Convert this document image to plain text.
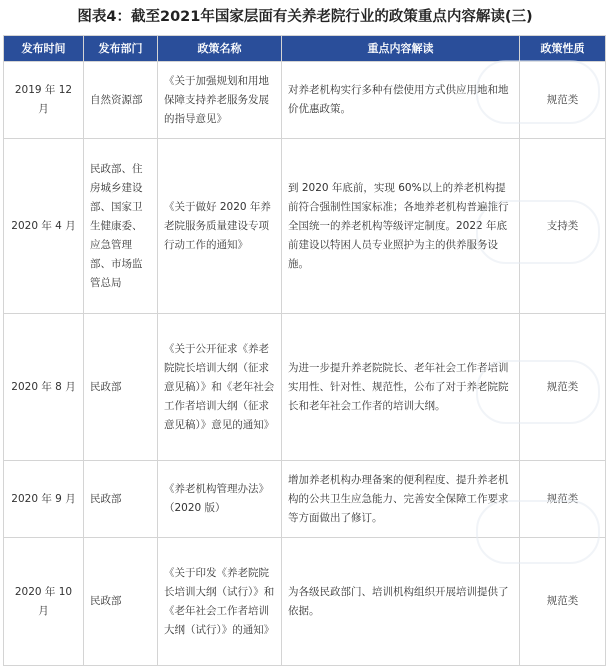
图表4：截至2021年国家层面有关养老院行业的政策重点内容解读(三)
发布时间	发布部门	政策名称	重点内容解读	政策性质
2019 年 12 月	自然资源部	《关于加强规划和用地保障支持养老服务发展的指导意见》	对养老机构实行多种有偿使用方式供应用地和地价优惠政策。	规范类
2020 年 4 月	民政部、住房城乡建设部、国家卫生健康委、应急管理部、市场监管总局	《关于做好 2020 年养老院服务质量建设专项行动工作的通知》	到 2020 年底前，实现 60%以上的养老机构提前符合强制性国家标准；各地养老机构普遍推行全国统一的养老机构等级评定制度。2022 年底前建设以特困人员专业照护为主的供养服务设施。	支持类
2020 年 8 月	民政部	《关于公开征求《养老院院长培训大纲（征求意见稿）》和《老年社会工作者培训大纲（征求意见稿）》意见的通知》	为进一步提升养老院院长、老年社会工作者培训实用性、针对性、规范性，公布了对于养老院院长和老年社会工作者的培训大纲。	规范类
2020 年 9 月	民政部	《养老机构管理办法》（2020 版）	增加养老机构办理备案的便利程度、提升养老机构的公共卫生应急能力、完善安全保障工作要求等方面做出了修订。	规范类
2020 年 10 月	民政部	《关于印发《养老院院长培训大纲（试行）》和《老年社会工作者培训大纲（试行）》的通知》	为各级民政部门、培训机构组织开展培训提供了依据。	规范类
